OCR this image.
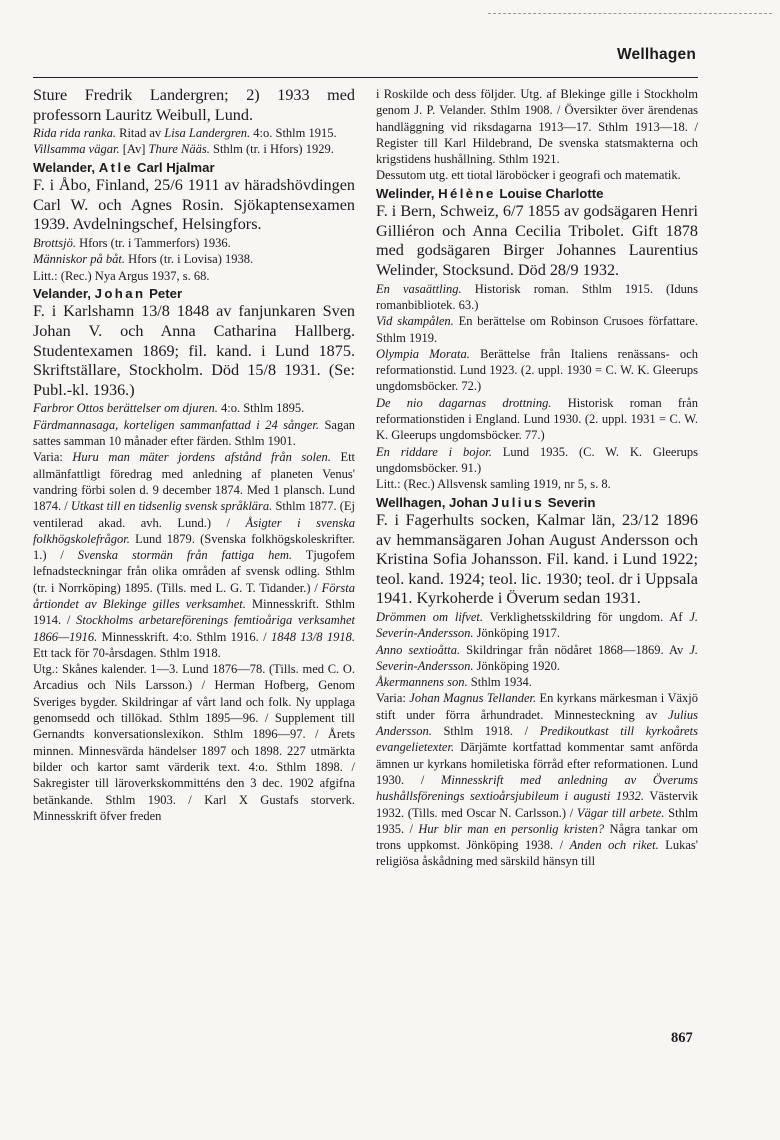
Wellhagen

Sture Fredrik Landergren; 2) 1933 med professorn Lauritz Weibull, Lund.

Rida rida ranka. Ritad av Lisa Landergren. 4:o. Sthlm 1915.

Villsamma vägar. [Av] Thure Nääs. Sthlm (tr. i Hfors) 1929.

Welander, Atle Carl Hjalmar

F. i Åbo, Finland, 25/6 1911 av häradshövdingen Carl W. och Agnes Rosin. Sjökaptensexamen 1939. Avdelningschef, Helsingfors.

Brottsjö. Hfors (tr. i Tammerfors) 1936.

Människor på båt. Hfors (tr. i Lovisa) 1938.

Litt.: (Rec.) Nya Argus 1937, s. 68.

Velander, Johan Peter

F. i Karlshamn 13/8 1848 av fanjunkaren Sven Johan V. och Anna Catharina Hallberg. Studentexamen 1869; fil. kand. i Lund 1875. Skriftställare, Stockholm. Död 15/8 1931. (Se: Publ.-kl. 1936.)

Farbror Ottos berättelser om djuren. 4:o. Sthlm 1895.

Färdmannasaga, korteligen sammanfattad i 24 sånger. Sagan sattes samman 10 månader efter färden. Sthlm 1901.

Varia: Huru man mäter jordens afstånd från solen. Ett allmänfattligt föredrag med anledning af planeten Venus' vandring förbi solen d. 9 december 1874. Med 1 plansch. Lund 1874. / Utkast till en tidsenlig svensk språklära. Sthlm 1877. (Ej ventilerad akad. avh. Lund.) / Åsigter i svenska folkhögskolefrågor. Lund 1879. (Svenska folkhögskoleskrifter. 1.) / Svenska stormän från fattiga hem. Tjugofem lefnadsteckningar från olika områden af svensk odling. Sthlm (tr. i Norrköping) 1895. (Tills. med L. G. T. Tidander.) / Första årtiondet av Blekinge gilles verksamhet. Minnesskrift. Sthlm 1914. / Stockholms arbetareförenings femtioåriga verksamhet 1866—1916. Minnesskrift. 4:o. Sthlm 1916. / 1848 13/8 1918. Ett tack för 70-årsdagen. Sthlm 1918.

Utg.: Skånes kalender. 1—3. Lund 1876—78. (Tills. med C. O. Arcadius och Nils Larsson.) / Herman Hofberg, Genom Sveriges bygder. Skildringar af vårt land och folk. Ny upplaga genomsedd och tillökad. Sthlm 1895—96. / Supplement till Gernandts konversationslexikon. Sthlm 1896—97. / Årets minnen. Minnesvärda händelser 1897 och 1898. 227 utmärkta bilder och kartor samt värderik text. 4:o. Sthlm 1898. / Sakregister till läroverkskommitténs den 3 dec. 1902 afgifna betänkande. Sthlm 1903. / Karl X Gustafs storverk. Minnesskrift öfver freden

i Roskilde och dess följder. Utg. af Blekinge gille i Stockholm genom J. P. Velander. Sthlm 1908. / Översikter över ärendenas handläggning vid riksdagarna 1913—17. Sthlm 1913—18. / Register till Karl Hildebrand, De svenska statsmakterna och krigstidens hushållning. Sthlm 1921.

Dessutom utg. ett tiotal läroböcker i geografi och matematik.

Welinder, Hélène Louise Charlotte

F. i Bern, Schweiz, 6/7 1855 av godsägaren Henri Gilliéron och Anna Cecilia Tribolet. Gift 1878 med godsägaren Birger Johannes Laurentius Welinder, Stocksund. Död 28/9 1932.

En vasaättling. Historisk roman. Sthlm 1915. (Iduns romanbibliotek. 63.)

Vid skampålen. En berättelse om Robinson Crusoes författare. Sthlm 1919.

Olympia Morata. Berättelse från Italiens renässans- och reformationstid. Lund 1923. (2. uppl. 1930 = C. W. K. Gleerups ungdomsböcker. 72.)

De nio dagarnas drottning. Historisk roman från reformationstiden i England. Lund 1930. (2. uppl. 1931 = C. W. K. Gleerups ungdomsböcker. 77.)

En riddare i bojor. Lund 1935. (C. W. K. Gleerups ungdomsböcker. 91.)

Litt.: (Rec.) Allsvensk samling 1919, nr 5, s. 8.

Wellhagen, Johan Julius Severin

F. i Fagerhults socken, Kalmar län, 23/12 1896 av hemmansägaren Johan August Andersson och Kristina Sofia Johansson. Fil. kand. i Lund 1922; teol. kand. 1924; teol. lic. 1930; teol. dr i Uppsala 1941. Kyrkoherde i Överum sedan 1931.

Drömmen om lifvet. Verklighetsskildring för ungdom. Af J. Severin-Andersson. Jönköping 1917.

Anno sextioåtta. Skildringar från nödåret 1868—1869. Av J. Severin-Andersson. Jönköping 1920.

Åkermannens son. Sthlm 1934.

Varia: Johan Magnus Tellander. En kyrkans märkesman i Växjö stift under förra århundradet. Minnesteckning av Julius Andersson. Sthlm 1918. / Predikoutkast till kyrkoårets evangelietexter. Därjämte kortfattad kommentar samt anförda ämnen ur kyrkans homiletiska förråd efter reformationen. Lund 1930. / Minnesskrift med anledning av Överums hushållsförenings sextioårsjubileum i augusti 1932. Västervik 1932. (Tills. med Oscar N. Carlsson.) / Vägar till arbete. Sthlm 1935. / Hur blir man en personlig kristen? Några tankar om trons uppkomst. Jönköping 1938. / Anden och riket. Lukas' religiösa åskådning med särskild hänsyn till

867
